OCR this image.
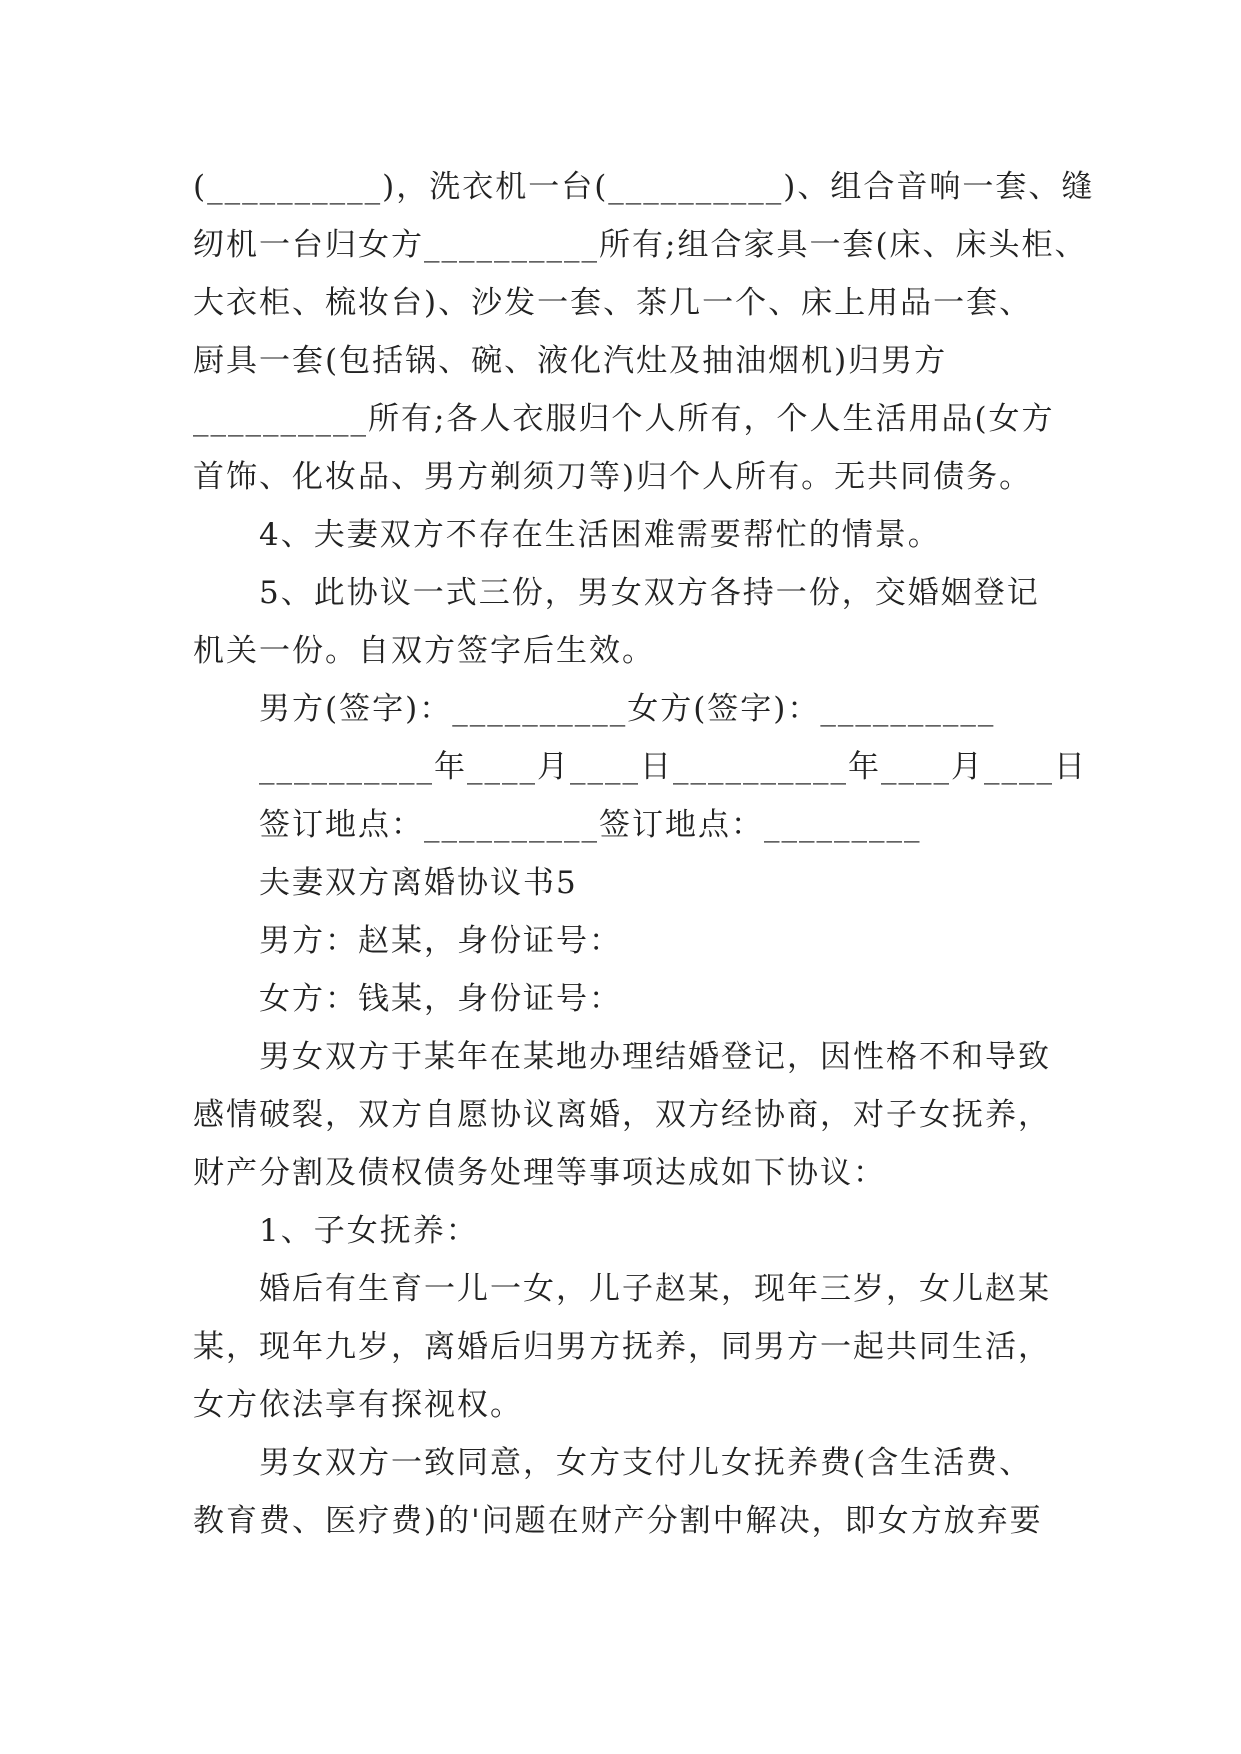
(__________)，洗衣机一台(__________)、组合音响一套、缝
纫机一台归女方__________所有;组合家具一套(床、床头柜、
大衣柜、梳妆台)、沙发一套、茶几一个、床上用品一套、
厨具一套(包括锅、碗、液化汽灶及抽油烟机)归男方
__________所有;各人衣服归个人所有，个人生活用品(女方
首饰、化妆品、男方剃须刀等)归个人所有。无共同债务。
4、夫妻双方不存在生活困难需要帮忙的情景。
5、此协议一式三份，男女双方各持一份，交婚姻登记
机关一份。自双方签字后生效。
男方(签字)：__________女方(签字)：__________
__________年____月____日__________年____月____日
签订地点：__________签订地点：_________
夫妻双方离婚协议书5
男方：赵某，身份证号：
女方：钱某，身份证号：
男女双方于某年在某地办理结婚登记，因性格不和导致
感情破裂，双方自愿协议离婚，双方经协商，对子女抚养，
财产分割及债权债务处理等事项达成如下协议：
1、子女抚养：
婚后有生育一儿一女，儿子赵某，现年三岁，女儿赵某
某，现年九岁，离婚后归男方抚养，同男方一起共同生活，
女方依法享有探视权。
男女双方一致同意，女方支付儿女抚养费(含生活费、
教育费、医疗费)的'问题在财产分割中解决，即女方放弃要
